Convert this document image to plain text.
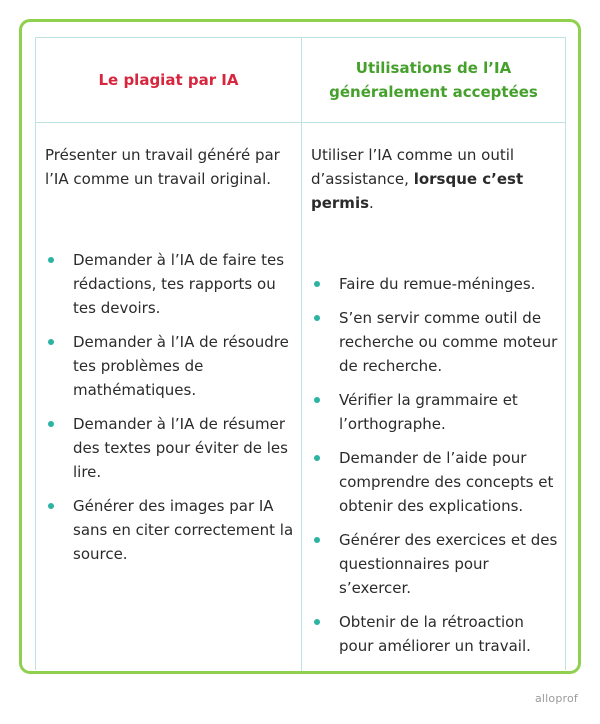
Le plagiat par IA
Utilisations de l’IA
généralement acceptées

Présenter un travail généré par l’IA comme un travail original.

Utiliser l’IA comme un outil d’assistance, lorsque c’est permis.

Demander à l’IA de faire tes rédactions, tes rapports ou tes devoirs.
Demander à l’IA de résoudre tes problèmes de mathématiques.
Demander à l’IA de résumer des textes pour éviter de les lire.
Générer des images par IA sans en citer correctement la source.
Faire du remue-méninges.
S’en servir comme outil de recherche ou comme moteur de recherche.
Vérifier la grammaire et l’orthographe.
Demander de l’aide pour comprendre des concepts et obtenir des explications.
Générer des exercices et des questionnaires pour s’exercer.
Obtenir de la rétroaction pour améliorer un travail.
alloprof
